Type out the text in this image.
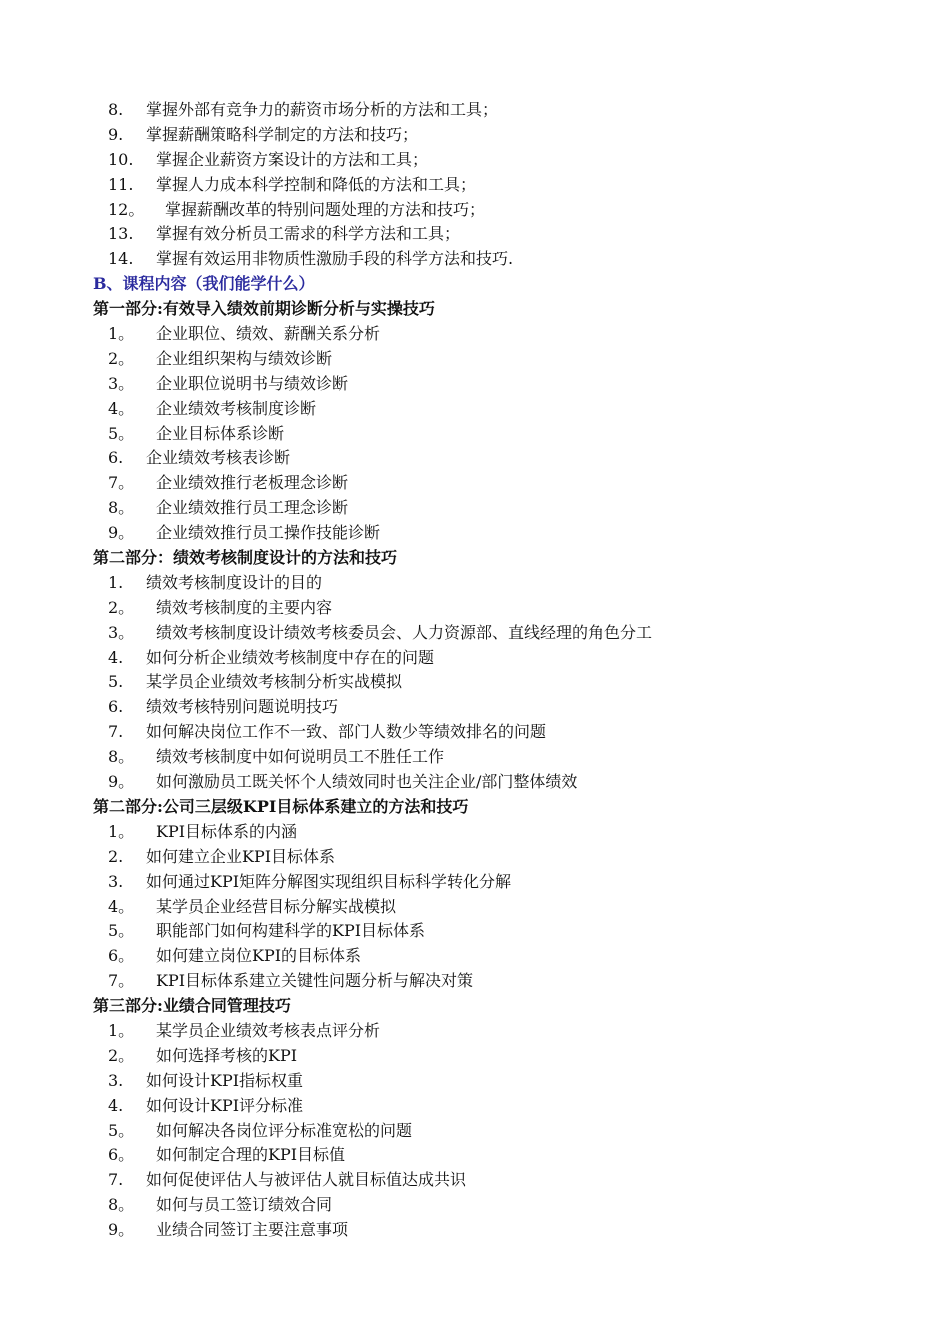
8. 掌握外部有竞争力的薪资市场分析的方法和工具；
9. 掌握薪酬策略科学制定的方法和技巧；
10. 掌握企业薪资方案设计的方法和工具；
11. 掌握人力成本科学控制和降低的方法和工具；
12。 掌握薪酬改革的特别问题处理的方法和技巧；
13. 掌握有效分析员工需求的科学方法和工具；
14. 掌握有效运用非物质性激励手段的科学方法和技巧.
B、课程内容（我们能学什么）
第一部分:有效导入绩效前期诊断分析与实操技巧
1。 企业职位、绩效、薪酬关系分析
2。 企业组织架构与绩效诊断
3。 企业职位说明书与绩效诊断
4。 企业绩效考核制度诊断
5。 企业目标体系诊断
6. 企业绩效考核表诊断
7。 企业绩效推行老板理念诊断
8。 企业绩效推行员工理念诊断
9。 企业绩效推行员工操作技能诊断
第二部分：绩效考核制度设计的方法和技巧
1. 绩效考核制度设计的目的
2。 绩效考核制度的主要内容
3。 绩效考核制度设计绩效考核委员会、人力资源部、直线经理的角色分工
4. 如何分析企业绩效考核制度中存在的问题
5. 某学员企业绩效考核制分析实战模拟
6. 绩效考核特别问题说明技巧
7. 如何解决岗位工作不一致、部门人数少等绩效排名的问题
8。 绩效考核制度中如何说明员工不胜任工作
9。 如何激励员工既关怀个人绩效同时也关注企业/部门整体绩效
第二部分:公司三层级KPI目标体系建立的方法和技巧
1。 KPI目标体系的内涵
2. 如何建立企业KPI目标体系
3. 如何通过KPI矩阵分解图实现组织目标科学转化分解
4。 某学员企业经营目标分解实战模拟
5。 职能部门如何构建科学的KPI目标体系
6。 如何建立岗位KPI的目标体系
7。 KPI目标体系建立关键性问题分析与解决对策
第三部分:业绩合同管理技巧
1。 某学员企业绩效考核表点评分析
2。 如何选择考核的KPI
3. 如何设计KPI指标权重
4. 如何设计KPI评分标准
5。 如何解决各岗位评分标准宽松的问题
6。 如何制定合理的KPI目标值
7. 如何促使评估人与被评估人就目标值达成共识
8。 如何与员工签订绩效合同
9。 业绩合同签订主要注意事项
